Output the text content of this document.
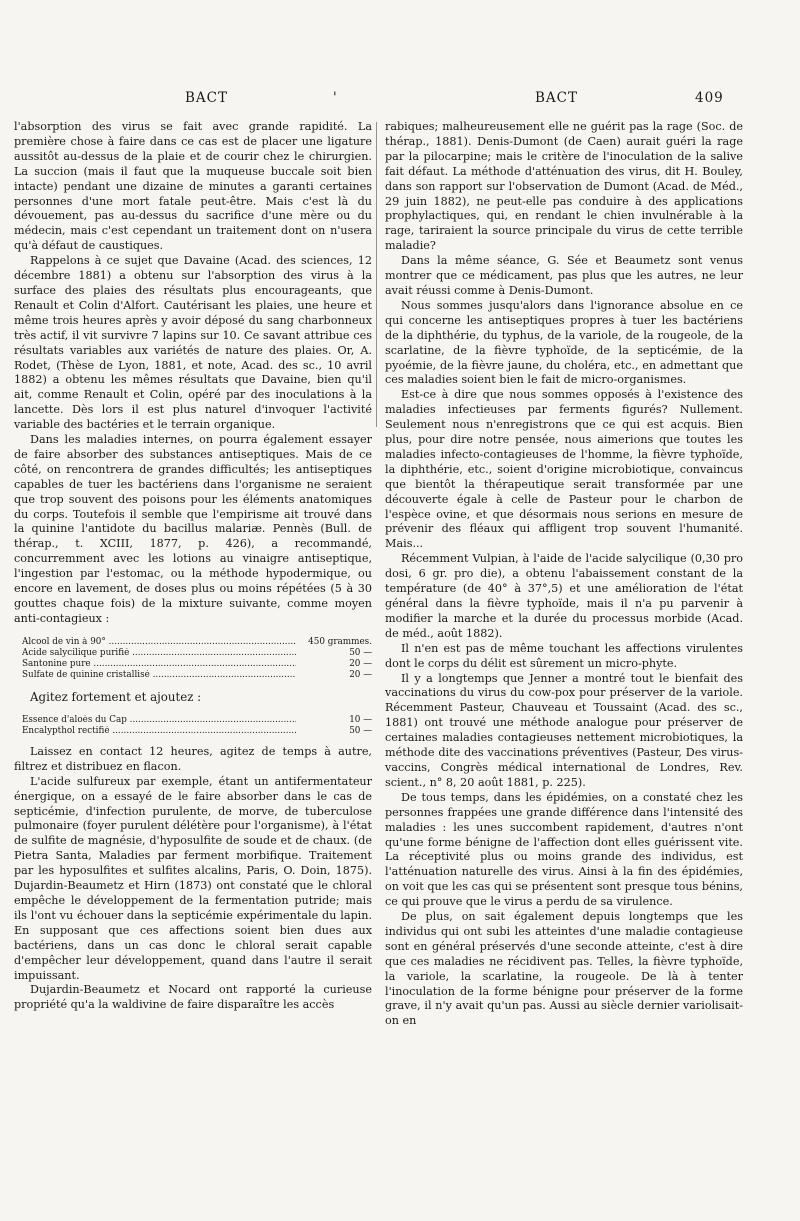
BACT	'	BACT	409

l'absorption des virus se fait avec grande rapidité. La première chose à faire dans ce cas est de placer une ligature aussitôt au-dessus de la plaie et de courir chez le chirurgien. La succion (mais il faut que la muqueuse buccale soit bien intacte) pendant une dizaine de minutes a garanti certaines personnes d'une mort fatale peut-être. Mais c'est là du dévouement, pas au-dessus du sacrifice d'une mère ou du médecin, mais c'est cependant un traitement dont on n'usera qu'à défaut de caustiques.

Rappelons à ce sujet que Davaine (Acad. des sciences, 12 décembre 1881) a obtenu sur l'absorption des virus à la surface des plaies des résultats plus encourageants, que Renault et Colin d'Alfort. Cautérisant les plaies, une heure et même trois heures après y avoir déposé du sang charbonneux très actif, il vit survivre 7 lapins sur 10. Ce savant attribue ces résultats variables aux variétés de nature des plaies. Or, A. Rodet, (Thèse de Lyon, 1881, et note, Acad. des sc., 10 avril 1882) a obtenu les mêmes résultats que Davaine, bien qu'il ait, comme Renault et Colin, opéré par des inoculations à la lancette. Dès lors il est plus naturel d'invoquer l'activité variable des bactéries et le terrain organique.

Dans les maladies internes, on pourra également essayer de faire absorber des substances antiseptiques. Mais de ce côté, on rencontrera de grandes difficultés; les antiseptiques capables de tuer les bactériens dans l'organisme ne seraient que trop souvent des poisons pour les éléments anatomiques du corps. Toutefois il semble que l'empirisme ait trouvé dans la quinine l'antidote du bacillus malariæ. Pennès (Bull. de thérap., t. XCIII, 1877, p. 426), a recommandé, concurremment avec les lotions au vinaigre antiseptique, l'ingestion par l'estomac, ou la méthode hypodermique, ou encore en lavement, de doses plus ou moins répétées (5 à 30 gouttes chaque fois) de la mixture suivante, comme moyen anti-contagieux :

Alcool de vin à 90° .....	450 grammes.
Acide salycilique purifié .....	50 —
Santonine pure .....	20 —
Sulfate de quinine cristallisé .....	20 —

Agitez fortement et ajoutez :

Essence d'aloès du Cap .....	10 —
Encalypthol rectifié .....	50 —

Laissez en contact 12 heures, agitez de temps à autre, filtrez et distribuez en flacon.

L'acide sulfureux par exemple, étant un antifermentateur énergique, on a essayé de le faire absorber dans le cas de septicémie, d'infection purulente, de morve, de tuberculose pulmonaire (foyer purulent délétère pour l'organisme), à l'état de sulfite de magnésie, d'hyposulfite de soude et de chaux. (de Pietra Santa, Maladies par ferment morbifique. Traitement par les hyposulfites et sulfites alcalins, Paris, O. Doin, 1875). Dujardin-Beaumetz et Hirn (1873) ont constaté que le chloral empêche le développement de la fermentation putride; mais ils l'ont vu échouer dans la septicémie expérimentale du lapin. En supposant que ces affections soient bien dues aux bactériens, dans un cas donc le chloral serait capable d'empêcher leur développement, quand dans l'autre il serait impuissant.

Dujardin-Beaumetz et Nocard ont rapporté la curieuse propriété qu'a la waldivine de faire disparaître les accès

rabiques; malheureusement elle ne guérit pas la rage (Soc. de thérap., 1881). Denis-Dumont (de Caen) aurait guéri la rage par la pilocarpine; mais le critère de l'inoculation de la salive fait défaut. La méthode d'atténuation des virus, dit H. Bouley, dans son rapport sur l'observation de Dumont (Acad. de Méd., 29 juin 1882), ne peut-elle pas conduire à des applications prophylactiques, qui, en rendant le chien invulnérable à la rage, tariraient la source principale du virus de cette terrible maladie?

Dans la même séance, G. Sée et Beaumetz sont venus montrer que ce médicament, pas plus que les autres, ne leur avait réussi comme à Denis-Dumont.

Nous sommes jusqu'alors dans l'ignorance absolue en ce qui concerne les antiseptiques propres à tuer les bactériens de la diphthérie, du typhus, de la variole, de la rougeole, de la scarlatine, de la fièvre typhoïde, de la septicémie, de la pyoémie, de la fièvre jaune, du choléra, etc., en admettant que ces maladies soient bien le fait de micro-organismes.

Est-ce à dire que nous sommes opposés à l'existence des maladies infectieuses par ferments figurés? Nullement. Seulement nous n'enregistrons que ce qui est acquis. Bien plus, pour dire notre pensée, nous aimerions que toutes les maladies infecto-contagieuses de l'homme, la fièvre typhoïde, la diphthérie, etc., soient d'origine microbiotique, convaincus que bientôt la thérapeutique serait transformée par une découverte égale à celle de Pasteur pour le charbon de l'espèce ovine, et que désormais nous serions en mesure de prévenir des fléaux qui affligent trop souvent l'humanité. Mais...

Récemment Vulpian, à l'aide de l'acide salycilique (0,30 pro dosi, 6 gr. pro die), a obtenu l'abaissement constant de la température (de 40° à 37°,5) et une amélioration de l'état général dans la fièvre typhoïde, mais il n'a pu parvenir à modifier la marche et la durée du processus morbide (Acad. de méd., août 1882).

Il n'en est pas de même touchant les affections virulentes dont le corps du délit est sûrement un micro-phyte.

Il y a longtemps que Jenner a montré tout le bienfait des vaccinations du virus du cow-pox pour préserver de la variole. Récemment Pasteur, Chauveau et Toussaint (Acad. des sc., 1881) ont trouvé une méthode analogue pour préserver de certaines maladies contagieuses nettement microbiotiques, la méthode dite des vaccinations préventives (Pasteur, Des virus-vaccins, Congrès médical international de Londres, Rev. scient., n° 8, 20 août 1881, p. 225).

De tous temps, dans les épidémies, on a constaté chez les personnes frappées une grande différence dans l'intensité des maladies : les unes succombent rapidement, d'autres n'ont qu'une forme bénigne de l'affection dont elles guérissent vite. La réceptivité plus ou moins grande des individus, est l'atténuation naturelle des virus. Ainsi à la fin des épidémies, on voit que les cas qui se présentent sont presque tous bénins, ce qui prouve que le virus a perdu de sa virulence.

De plus, on sait également depuis longtemps que les individus qui ont subi les atteintes d'une maladie contagieuse sont en général préservés d'une seconde atteinte, c'est à dire que ces maladies ne récidivent pas. Telles, la fièvre typhoïde, la variole, la scarlatine, la rougeole. De là à tenter l'inoculation de la forme bénigne pour préserver de la forme grave, il n'y avait qu'un pas. Aussi au siècle dernier variolisait-on en
